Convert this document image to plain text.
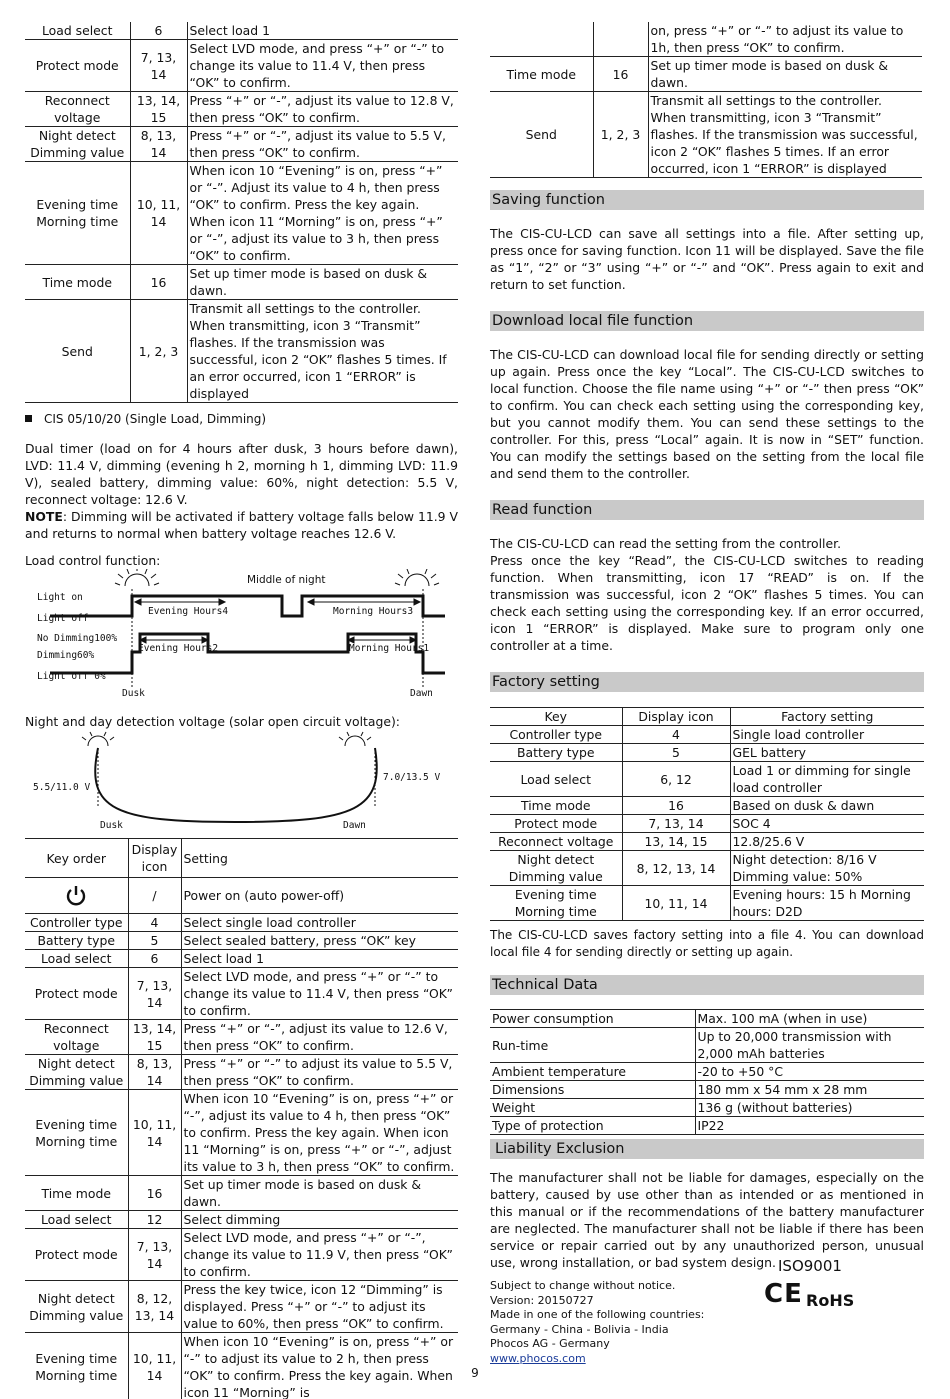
Load select	6	Select load 1
Protect mode	7, 13, 14	Select LVD mode, and press “+” or “-” to change its value to 11.4 V, then press “OK” to confirm.
Reconnect voltage	13, 14, 15	Press “+” or “-”, adjust its value to 12.8 V, then press “OK” to confirm.
Night detect Dimming value	8, 13, 14	Press “+” or “-”, adjust its value to 5.5 V, then press “OK” to confirm.
Evening time Morning time	10, 11, 14	When icon 10 “Evening” is on, press “+” or “-”. Adjust its value to 4 h, then press “OK” to confirm. Press the key again. When icon 11 “Morning” is on, press “+” or “-”, adjust its value to 3 h, then press “OK” to confirm.
Time mode	16	Set up timer mode is based on dusk & dawn.
Send	1, 2, 3	Transmit all settings to the controller. When transmitting, icon 3 “Transmit” flashes. If the transmission was successful, icon 2 “OK” flashes 5 times. If an error occurred, icon 1 “ERROR” is displayed
CIS 05/10/20 (Single Load, Dimming)

Dual timer (load on for 4 hours after dusk, 3 hours before dawn), LVD: 11.4 V, dimming (evening h 2, morning h 1, dimming LVD: 11.9 V), sealed battery, dimming value: 60%, night detection: 5.5 V, reconnect voltage: 12.6 V.

NOTE: Dimming will be activated if battery voltage falls below 11.9 V and returns to normal when battery voltage reaches 12.6 V.

Load control function:

Middle of night
Light on
Light off
No Dimming100%
Dimming60%
Light off 0%
Evening Hours4	Morning Hours3
Evening Hours2	Morning Hours1
Dusk	Dawn

Night and day detection voltage (solar open circuit voltage):

5.5/11.0 V
7.0/13.5 V
Dusk	Dawn
Key order	Display icon	Setting

	/	Power on (auto power-off)
Controller type	4	Select single load controller
Battery type	5	Select sealed battery, press “OK” key
Load select	6	Select load 1
Protect mode	7, 13, 14	Select LVD mode, and press “+” or “-” to change its value to 11.4 V, then press “OK” to confirm.
Reconnect voltage	13, 14, 15	Press “+” or “-”, adjust its value to 12.6 V, then press “OK” to confirm.
Night detect Dimming value	8, 13, 14	Press “+” or “-” to adjust its value to 5.5 V, then press “OK” to confirm.
Evening time Morning time	10, 11, 14	When icon 10 “Evening” is on, press “+” or “-”, adjust its value to 4 h, then press “OK” to confirm. Press the key again. When icon 11 “Morning” is on, press “+” or “-”, adjust its value to 3 h, then press “OK” to confirm.
Time mode	16	Set up timer mode is based on dusk & dawn.
Load select	12	Select dimming
Protect mode	7, 13, 14	Select LVD mode, and press “+” or “-”, change its value to 11.9 V, then press “OK” to confirm.
Night detect Dimming value	8, 12, 13, 14	Press the key twice, icon 12 “Dimming” is displayed. Press “+” or “-” to adjust its value to 60%, then press “OK” to confirm.
Evening time Morning time	10, 11, 14	When icon 10 “Evening” is on, press “+” or “-” to adjust its value to 2 h, then press “OK” to confirm. Press the key again. When icon 11 “Morning” is
		on, press “+” or “-” to adjust its value to 1h, then press “OK” to confirm.
Time mode	16	Set up timer mode is based on dusk & dawn.
Send	1, 2, 3	Transmit all settings to the controller. When transmitting, icon 3 “Transmit” flashes. If the transmission was successful, icon 2 “OK” flashes 5 times. If an error occurred, icon 1 “ERROR” is displayed
Saving function

The CIS-CU-LCD can save all settings into a file. After setting up, press once for saving function. Icon 11 will be displayed. Save the file as “1”, “2” or “3” using “+” or “-” and “OK”. Press again to exit and return to set function.

Download local file function

The CIS-CU-LCD can download local file for sending directly or setting up again. Press once the key “Local”. The CIS-CU-LCD switches to local function. Choose the file name using “+” or “-” then press “OK” to confirm. You can check each setting using the corresponding key, but you cannot modify them. You can send these settings to the controller. For this, press “Local” again. It is now in “SET” function. You can modify the settings based on the setting from the local file and send them to the controller.

Read function

The CIS-CU-LCD can read the setting from the controller.

Press once the key “Read”, the CIS-CU-LCD switches to reading function. When transmitting, icon 17 “READ” is on. If the transmission was successful, icon 2 “OK” flashes 5 times. You can check each setting using the corresponding key. If an error occurred, icon 1 “ERROR” is displayed. Make sure to program only one controller at a time.

Factory setting
Key	Display icon	Factory setting
Controller type	4	Single load controller
Battery type	5	GEL battery
Load select	6, 12	Load 1 or dimming for single load controller
Time mode	16	Based on dusk & dawn
Protect mode	7, 13, 14	SOC 4
Reconnect voltage	13, 14, 15	12.8/25.6 V
Night detect Dimming value	8, 12, 13, 14	Night detection: 8/16 V Dimming value: 50%
Evening time Morning time	10, 11, 14	Evening hours: 15 h Morning hours: D2D

The CIS-CU-LCD saves factory setting into a file 4. You can download local file 4 for sending directly or setting up again.

Technical Data
Power consumption	Max. 100 mA (when in use)
Run-time	Up to 20,000 transmission with 2,000 mAh batteries
Ambient temperature	-20 to +50 °C
Dimensions	180 mm x 54 mm x 28 mm
Weight	136 g (without batteries)
Type of protection	IP22
Liability Exclusion

The manufacturer shall not be liable for damages, especially on the battery, caused by use other than as intended or as mentioned in this manual or if the recommendations of the battery manufacturer are neglected. The manufacturer shall not be liable if there has been service or repair carried out by any unauthorized person, unusual use, wrong installation, or bad system design.

Subject to change without notice.
Version: 20150727
Made in one of the following countries:
Germany - China - Bolivia - India
Phocos AG - Germany
www.phocos.com
ISO9001
CE RoHS
9
